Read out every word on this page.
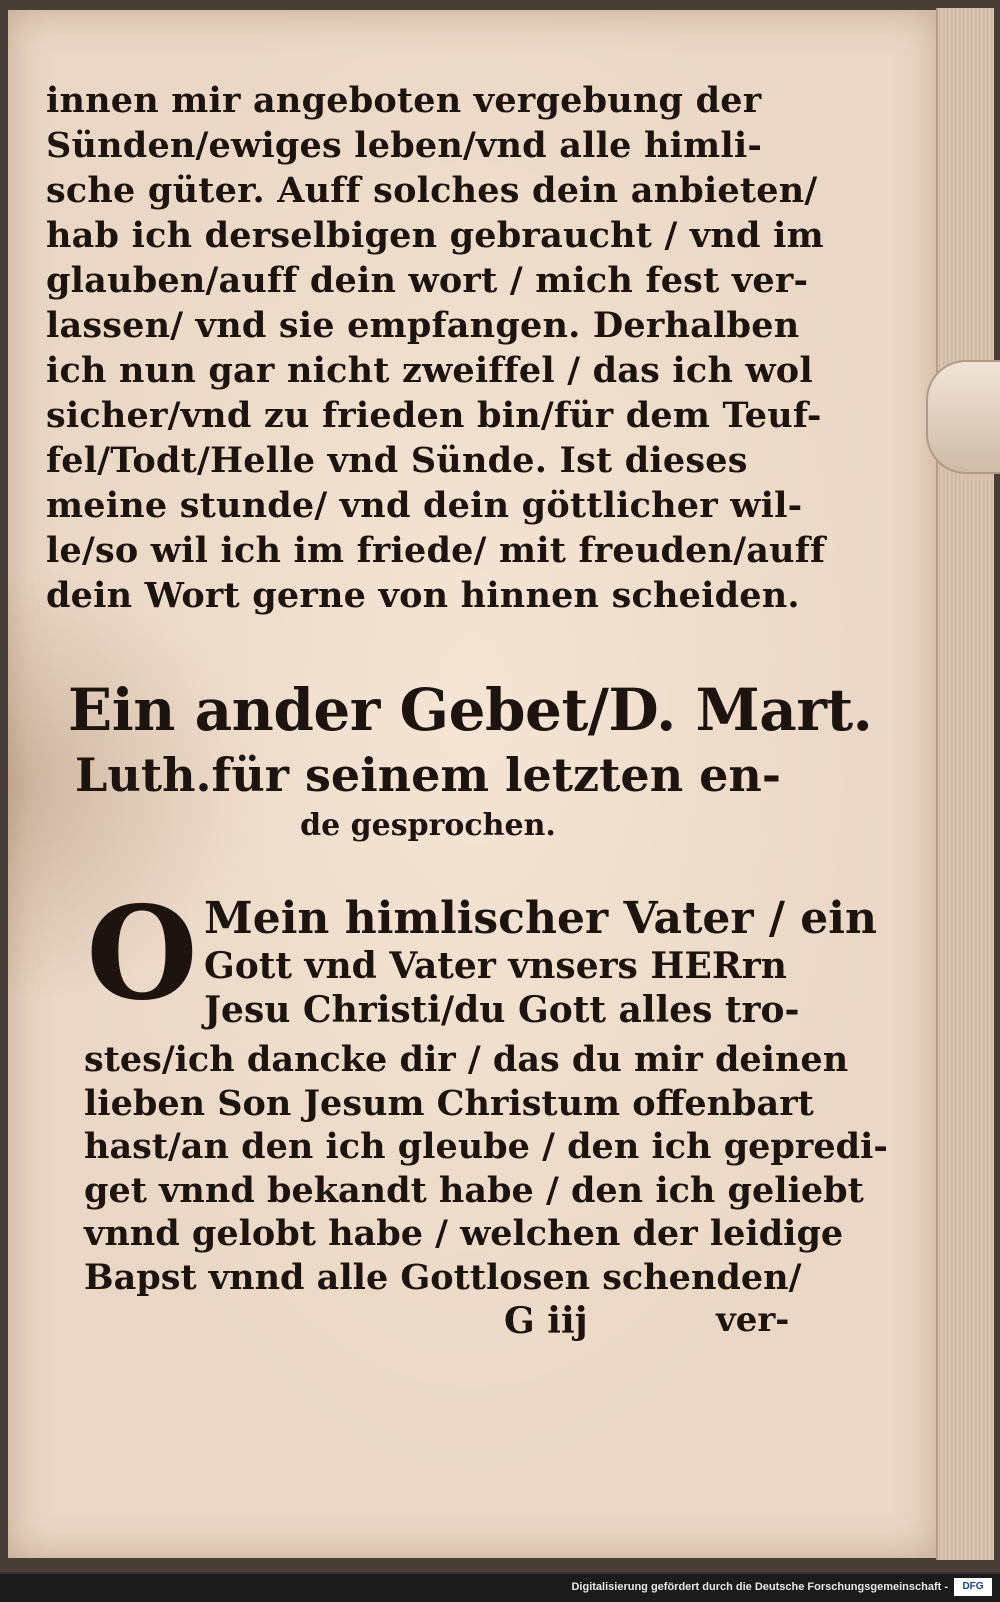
innen mir angeboten vergebung der
Sünden/ewiges leben/vnd alle himli-
sche güter. Auff solches dein anbieten/
hab ich derselbigen gebraucht / vnd im
glauben/auff dein wort / mich fest ver-
lassen/ vnd sie empfangen. Derhalben
ich nun gar nicht zweiffel / das ich wol
sicher/vnd zu frieden bin/für dem Teuf-
fel/Todt/Helle vnd Sünde. Ist dieses
meine stunde/ vnd dein göttlicher wil-
le/so wil ich im friede/ mit freuden/auff
dein Wort gerne von hinnen scheiden.
Ein ander Gebet/D. Mart.
Luth.für seinem letzten en-
de gesprochen.
O Mein himlischer Vater / ein
Gott vnd Vater vnsers HERrn
Jesu Christi/du Gott alles tro-
stes/ich dancke dir / das du mir deinen
lieben Son Jesum Christum offenbart
hast/an den ich gleube / den ich gepredi-
get vnnd bekandt habe / den ich geliebt
vnnd gelobt habe / welchen der leidige
Bapst vnnd alle Gottlosen schenden/
G iij	ver-
Digitalisierung gefördert durch die Deutsche Forschungsgemeinschaft -	DFG
